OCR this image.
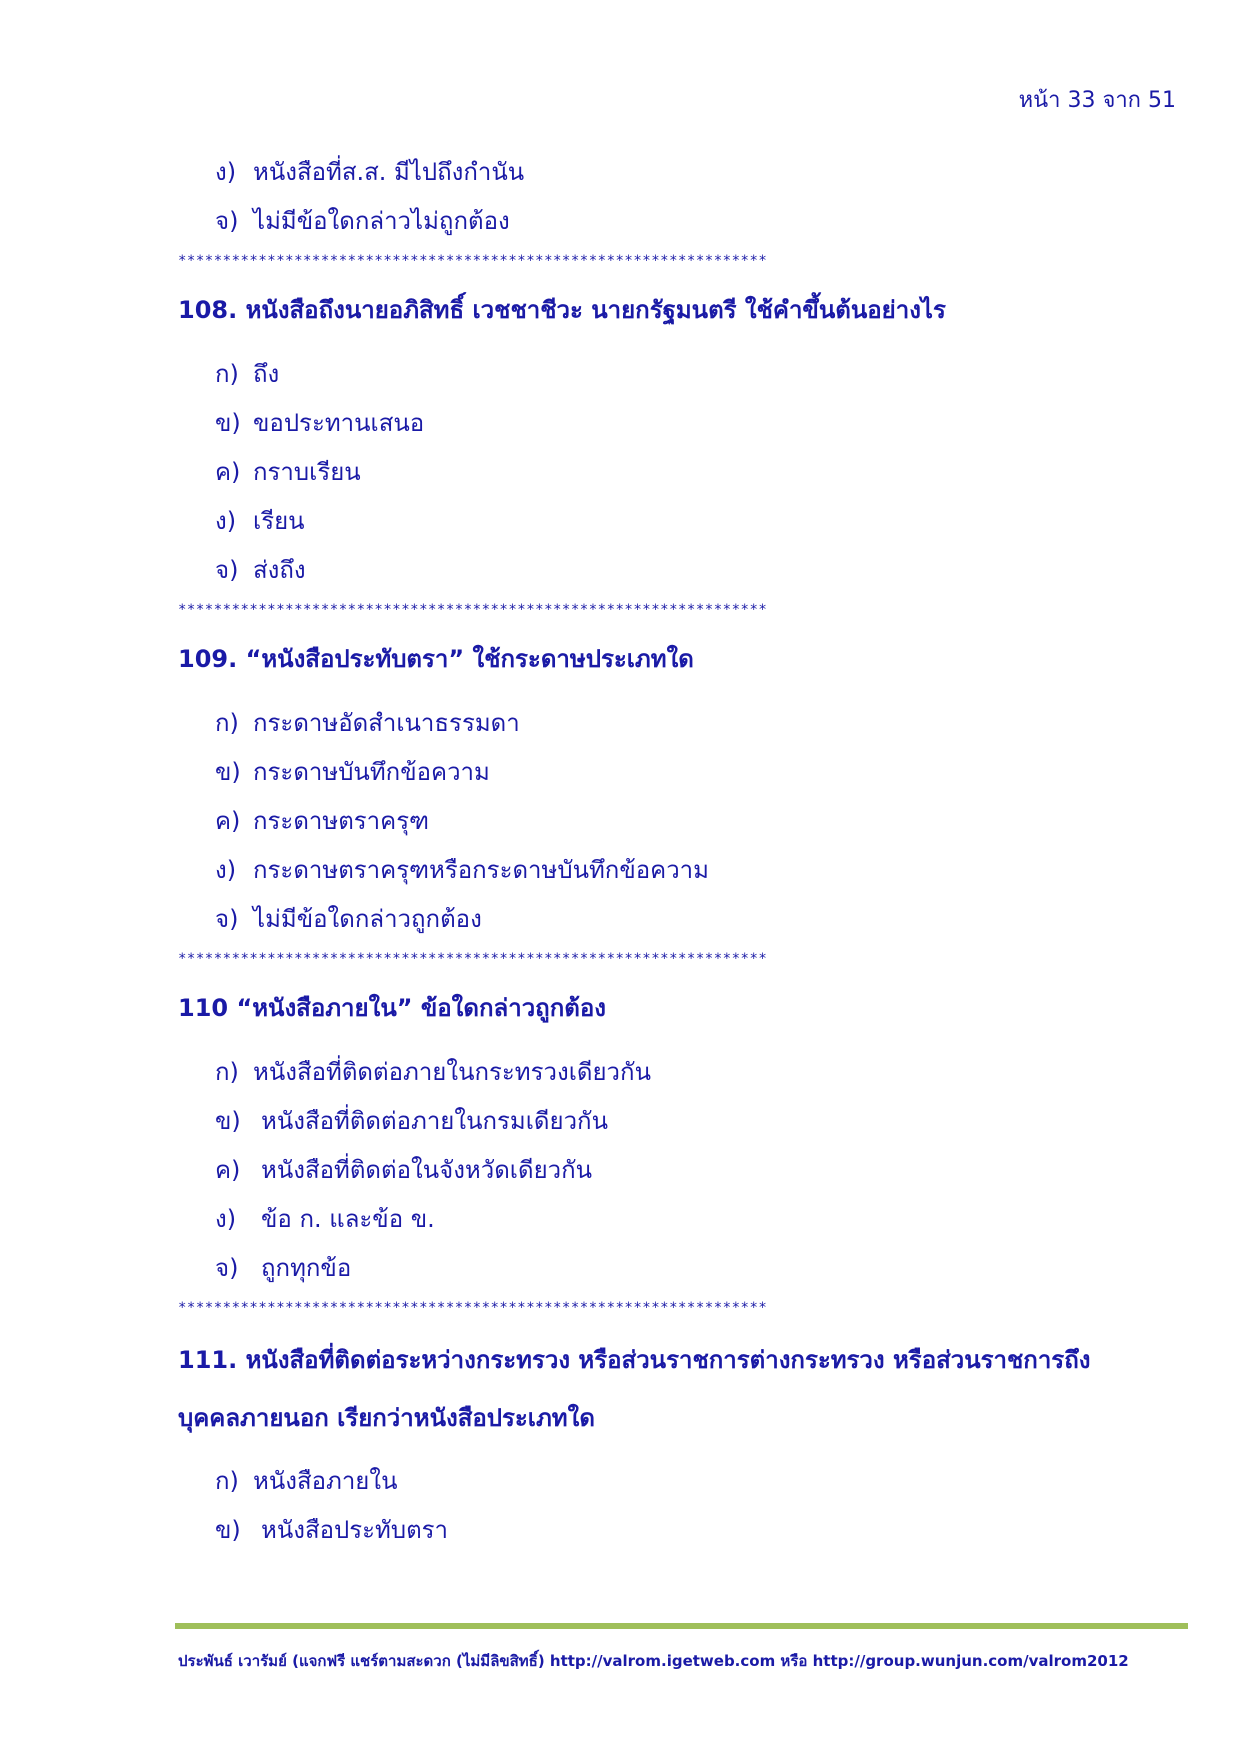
หน้า 33 จาก 51
ง) หนังสือที่ส.ส. มีไปถึงกำนัน
จ) ไม่มีข้อใดกล่าวไม่ถูกต้อง
******************************************************************
108. หนังสือถึงนายอภิสิทธิ์ เวชชาชีวะ นายกรัฐมนตรี ใช้คำขึ้นต้นอย่างไร
ก) ถึง
ข) ขอประทานเสนอ
ค) กราบเรียน
ง) เรียน
จ) ส่งถึง
******************************************************************
109. “หนังสือประทับตรา” ใช้กระดาษประเภทใด
ก) กระดาษอัดสำเนาธรรมดา
ข) กระดาษบันทึกข้อความ
ค) กระดาษตราครุฑ
ง) กระดาษตราครุฑหรือกระดาษบันทึกข้อความ
จ) ไม่มีข้อใดกล่าวถูกต้อง
******************************************************************
110 “หนังสือภายใน” ข้อใดกล่าวถูกต้อง
ก) หนังสือที่ติดต่อภายในกระทรวงเดียวกัน
ข) หนังสือที่ติดต่อภายในกรมเดียวกัน
ค) หนังสือที่ติดต่อในจังหวัดเดียวกัน
ง) ข้อ ก. และข้อ ข.
จ) ถูกทุกข้อ
******************************************************************
111. หนังสือที่ติดต่อระหว่างกระทรวง หรือส่วนราชการต่างกระทรวง หรือส่วนราชการถึง
บุคคลภายนอก เรียกว่าหนังสือประเภทใด
ก) หนังสือภายใน
ข) หนังสือประทับตรา
ประพันธ์ เวารัมย์ (แจกฟรี แชร์ตามสะดวก (ไม่มีลิขสิทธิ์) http://valrom.igetweb.com หรือ http://group.wunjun.com/valrom2012
